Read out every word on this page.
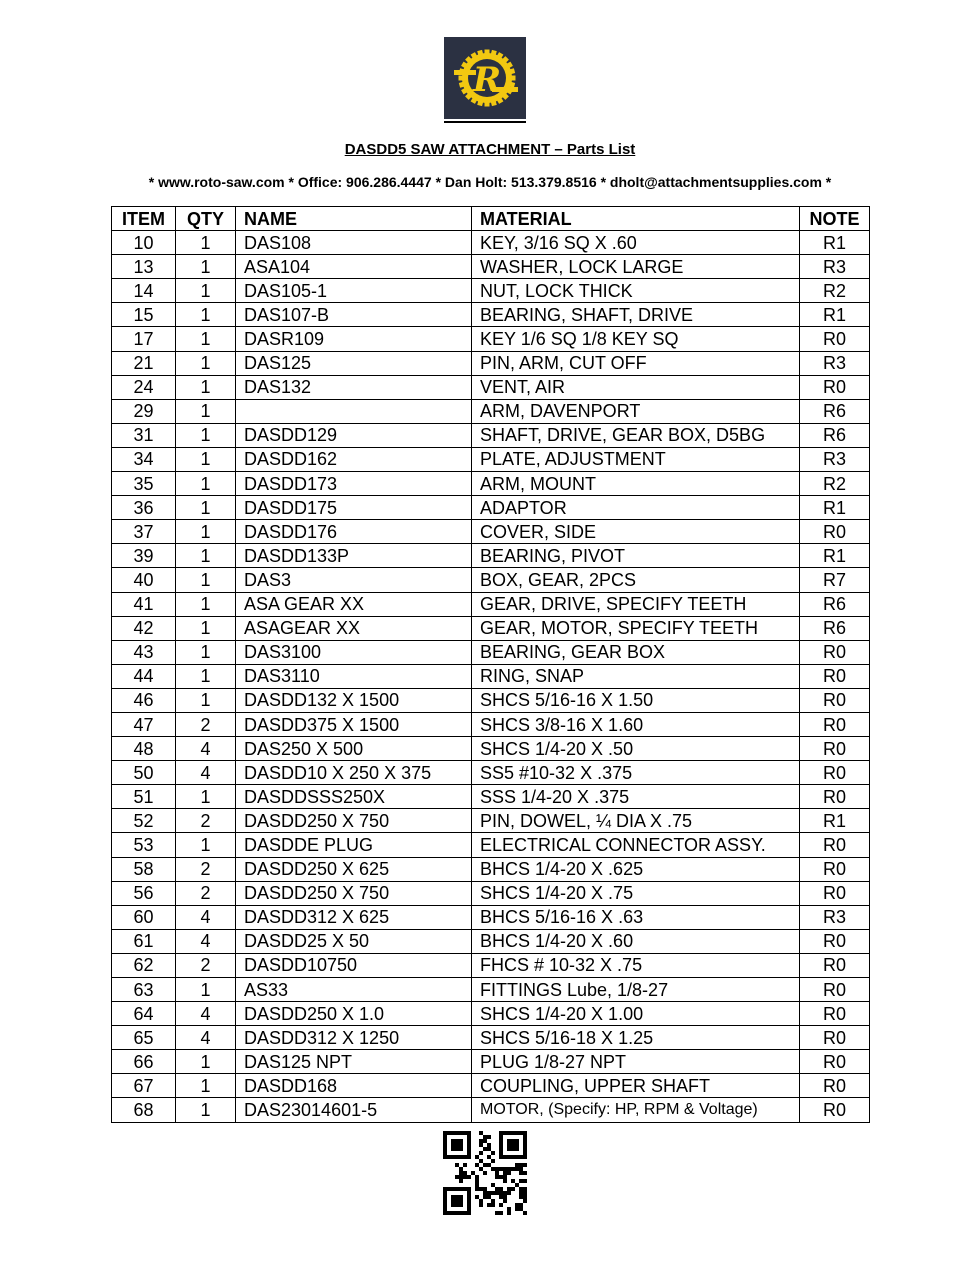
R
DASDD5 SAW ATTACHMENT – Parts List
* www.roto-saw.com * Office: 906.286.4447 * Dan Holt: 513.379.8516 * dholt@attachmentsupplies.com *
ITEM	QTY	NAME	MATERIAL	NOTE
10	1	DAS108	KEY, 3/16 SQ X .60	R1
13	1	ASA104	WASHER, LOCK LARGE	R3
14	1	DAS105-1	NUT, LOCK THICK	R2
15	1	DAS107-B	BEARING, SHAFT, DRIVE	R1
17	1	DASR109	KEY 1/6 SQ 1/8 KEY SQ	R0
21	1	DAS125	PIN, ARM, CUT OFF	R3
24	1	DAS132	VENT, AIR	R0
29	1		ARM, DAVENPORT	R6
31	1	DASDD129	SHAFT, DRIVE, GEAR BOX, D5BG	R6
34	1	DASDD162	PLATE, ADJUSTMENT	R3
35	1	DASDD173	ARM, MOUNT	R2
36	1	DASDD175	ADAPTOR	R1
37	1	DASDD176	COVER, SIDE	R0
39	1	DASDD133P	BEARING, PIVOT	R1
40	1	DAS3	BOX, GEAR, 2PCS	R7
41	1	ASA GEAR XX	GEAR, DRIVE, SPECIFY TEETH	R6
42	1	ASAGEAR XX	GEAR, MOTOR, SPECIFY TEETH	R6
43	1	DAS3100	BEARING, GEAR BOX	R0
44	1	DAS3110	RING, SNAP	R0
46	1	DASDD132 X 1500	SHCS 5/16-16 X 1.50	R0
47	2	DASDD375 X 1500	SHCS 3/8-16 X 1.60	R0
48	4	DAS250 X 500	SHCS 1/4-20 X .50	R0
50	4	DASDD10 X 250 X 375	SS5 #10-32 X .375	R0
51	1	DASDDSSS250X	SSS 1/4-20 X .375	R0
52	2	DASDD250 X 750	PIN, DOWEL, ¼ DIA X .75	R1
53	1	DASDDE PLUG	ELECTRICAL CONNECTOR ASSY.	R0
58	2	DASDD250 X 625	BHCS 1/4-20 X .625	R0
56	2	DASDD250 X 750	SHCS 1/4-20 X .75	R0
60	4	DASDD312 X 625	BHCS 5/16-16 X .63	R3
61	4	DASDD25 X 50	BHCS 1/4-20 X .60	R0
62	2	DASDD10750	FHCS # 10-32 X .75	R0
63	1	AS33	FITTINGS Lube, 1/8-27	R0
64	4	DASDD250 X 1.0	SHCS 1/4-20 X 1.00	R0
65	4	DASDD312 X 1250	SHCS 5/16-18 X 1.25	R0
66	1	DAS125 NPT	PLUG 1/8-27 NPT	R0
67	1	DASDD168	COUPLING, UPPER SHAFT	R0
68	1	DAS23014601-5	MOTOR, (Specify: HP, RPM & Voltage)	R0
